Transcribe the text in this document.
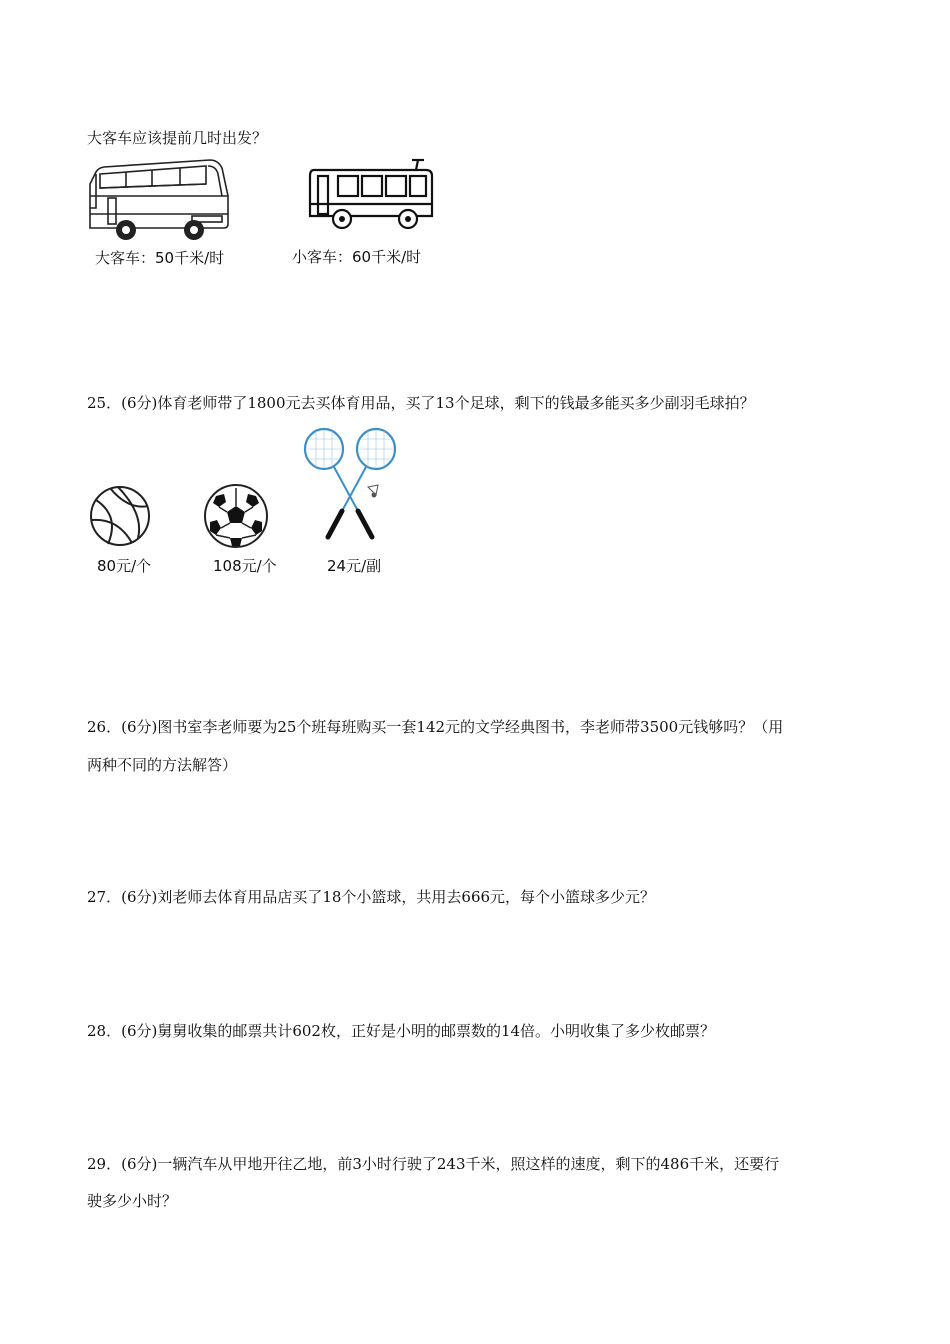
大客车应该提前几时出发？
大客车：50千米/时	小客车：60千米/时
25．(6分)体育老师带了1800元去买体育用品，买了13个足球，剩下的钱最多能买多少副羽毛球拍？
80元/个	108元/个	24元/副
26．(6分)图书室李老师要为25个班每班购买一套142元的文学经典图书，李老师带3500元钱够吗？（用
两种不同的方法解答）
27．(6分)刘老师去体育用品店买了18个小篮球，共用去666元，每个小篮球多少元？
28．(6分)舅舅收集的邮票共计602枚，正好是小明的邮票数的14倍。小明收集了多少枚邮票？
29．(6分)一辆汽车从甲地开往乙地，前3小时行驶了243千米，照这样的速度，剩下的486千米，还要行
驶多少小时？
